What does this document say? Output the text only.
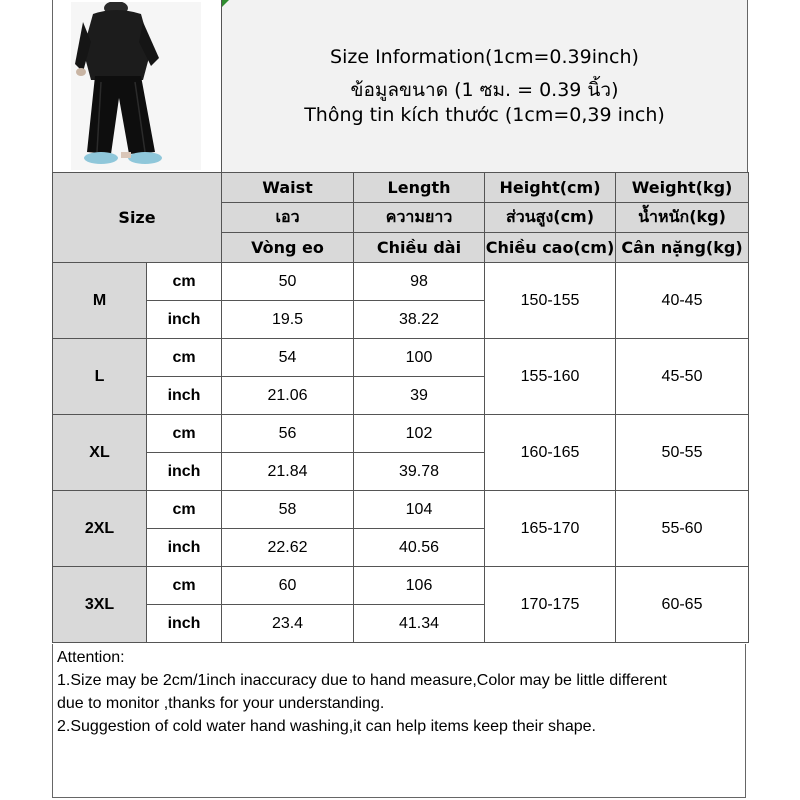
Size Information(1cm=0.39inch)
ข้อมูลขนาด (1 ซม. = 0.39 นิ้ว)
Thông tin kích thước (1cm=0,39 inch)
Size		Waist	Length	Height(cm)	Weight(kg)
		เอว	ความยาว	ส่วนสูง(cm)	น้ำหนัก(kg)
		Vòng eo	Chiều dài	Chiều cao(cm)	Cân nặng(kg)
M	cm	50	98	150-155	40-45
	inch	19.5	38.22		
L	cm	54	100	155-160	45-50
	inch	21.06	39		
XL	cm	56	102	160-165	50-55
	inch	21.84	39.78		
2XL	cm	58	104	165-170	55-60
	inch	22.62	40.56		
3XL	cm	60	106	170-175	60-65
	inch	23.4	41.34		
Attention:
1.Size may be 2cm/1inch inaccuracy due to hand measure,Color may be little different
due to monitor ,thanks for your understanding.
2.Suggestion of cold water hand washing,it can help items keep their shape.
